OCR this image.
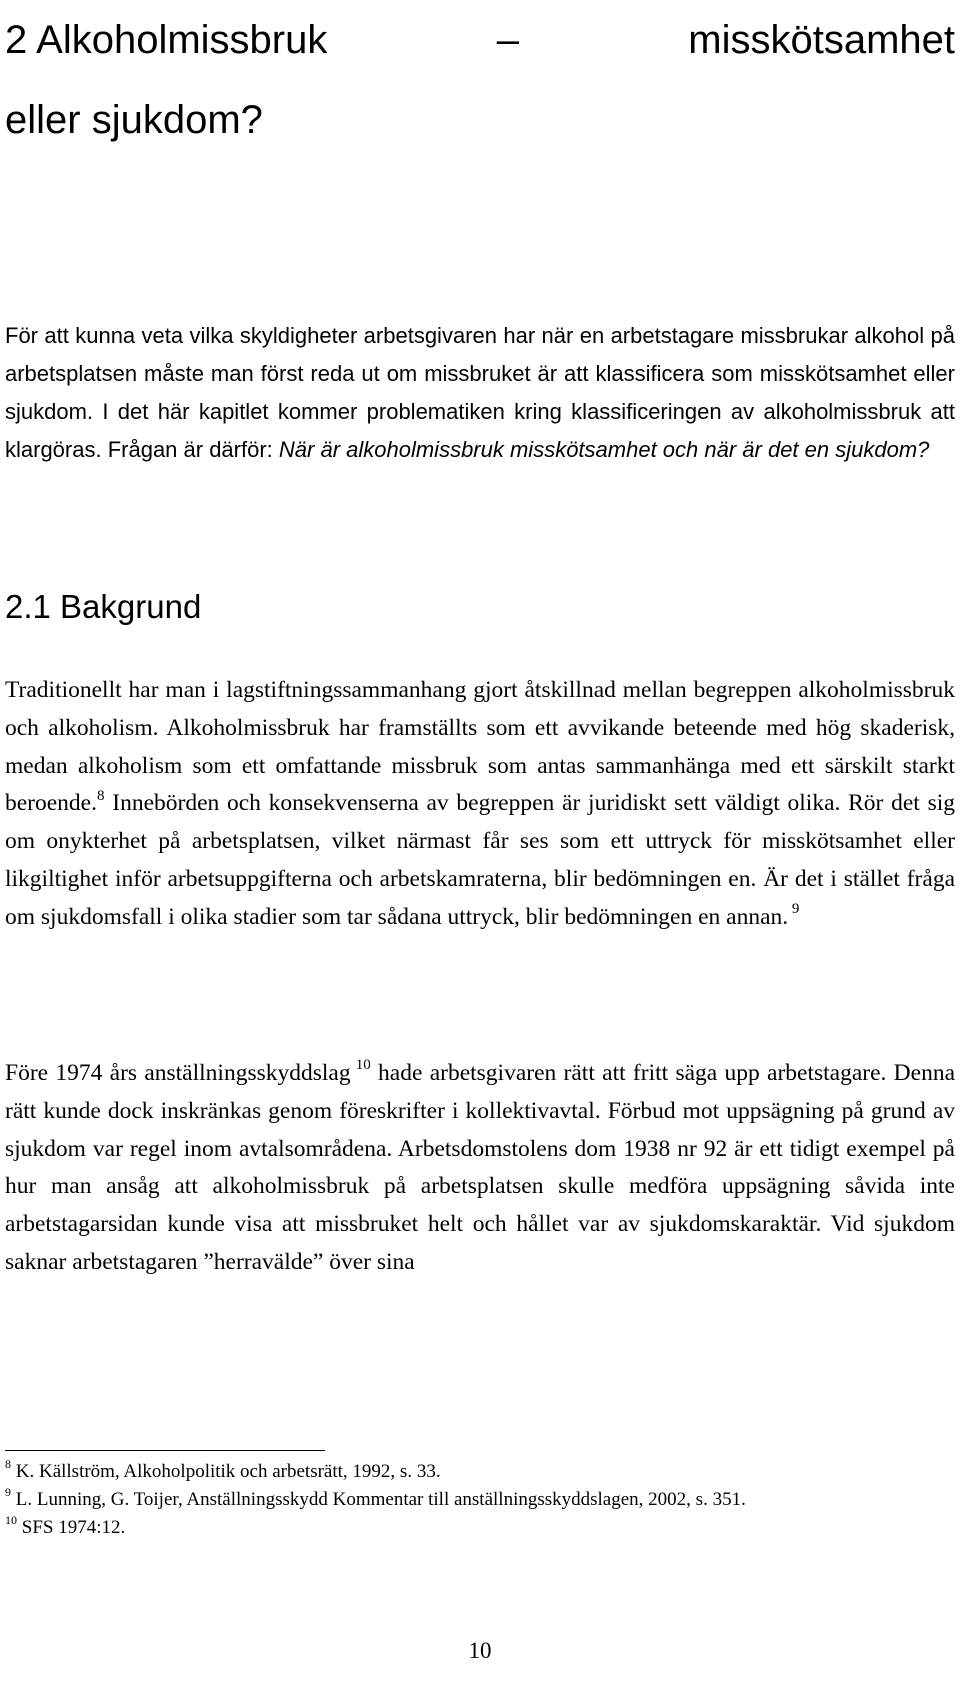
2 Alkoholmissbruk	–	misskötsamhet
eller sjukdom?

För att kunna veta vilka skyldigheter arbetsgivaren har när en arbetstagare missbrukar alkohol på arbetsplatsen måste man först reda ut om missbruket är att klassificera som misskötsamhet eller sjukdom. I det här kapitlet kommer problematiken kring klassificeringen av alkoholmissbruk att klargöras. Frågan är därför: När är alkoholmissbruk misskötsamhet och när är det en sjukdom?

2.1 Bakgrund

Traditionellt har man i lagstiftningssammanhang gjort åtskillnad mellan begreppen alkoholmissbruk och alkoholism. Alkoholmissbruk har framställts som ett avvikande beteende med hög skaderisk, medan alkoholism som ett omfattande missbruk som antas sammanhänga med ett särskilt starkt beroende.$^8$ Innebörden och konsekvenserna av begreppen är juridiskt sett väldigt olika. Rör det sig om onykterhet på arbetsplatsen, vilket närmast får ses som ett uttryck för misskötsamhet eller likgiltighet inför arbetsuppgifterna och arbetskamraterna, blir bedömningen en. Är det i stället fråga om sjukdomsfall i olika stadier som tar sådana uttryck, blir bedömningen en annan. $^9$

Före 1974 års anställningsskyddslag $^{10}$ hade arbetsgivaren rätt att fritt säga upp arbetstagare. Denna rätt kunde dock inskränkas genom föreskrifter i kollektivavtal. Förbud mot uppsägning på grund av sjukdom var regel inom avtalsområdena. Arbetsdomstolens dom 1938 nr 92 är ett tidigt exempel på hur man ansåg att alkoholmissbruk på arbetsplatsen skulle medföra uppsägning såvida inte arbetstagarsidan kunde visa att missbruket helt och hållet var av sjukdomskaraktär. Vid sjukdom saknar arbetstagaren ”herravälde” över sina

$^8$ K. Källström, Alkoholpolitik och arbetsrätt, 1992, s. 33.
$^9$ L. Lunning, G. Toijer, Anställningsskydd Kommentar till anställningsskyddslagen, 2002, s. 351.
$^{10}$ SFS 1974:12.
10
